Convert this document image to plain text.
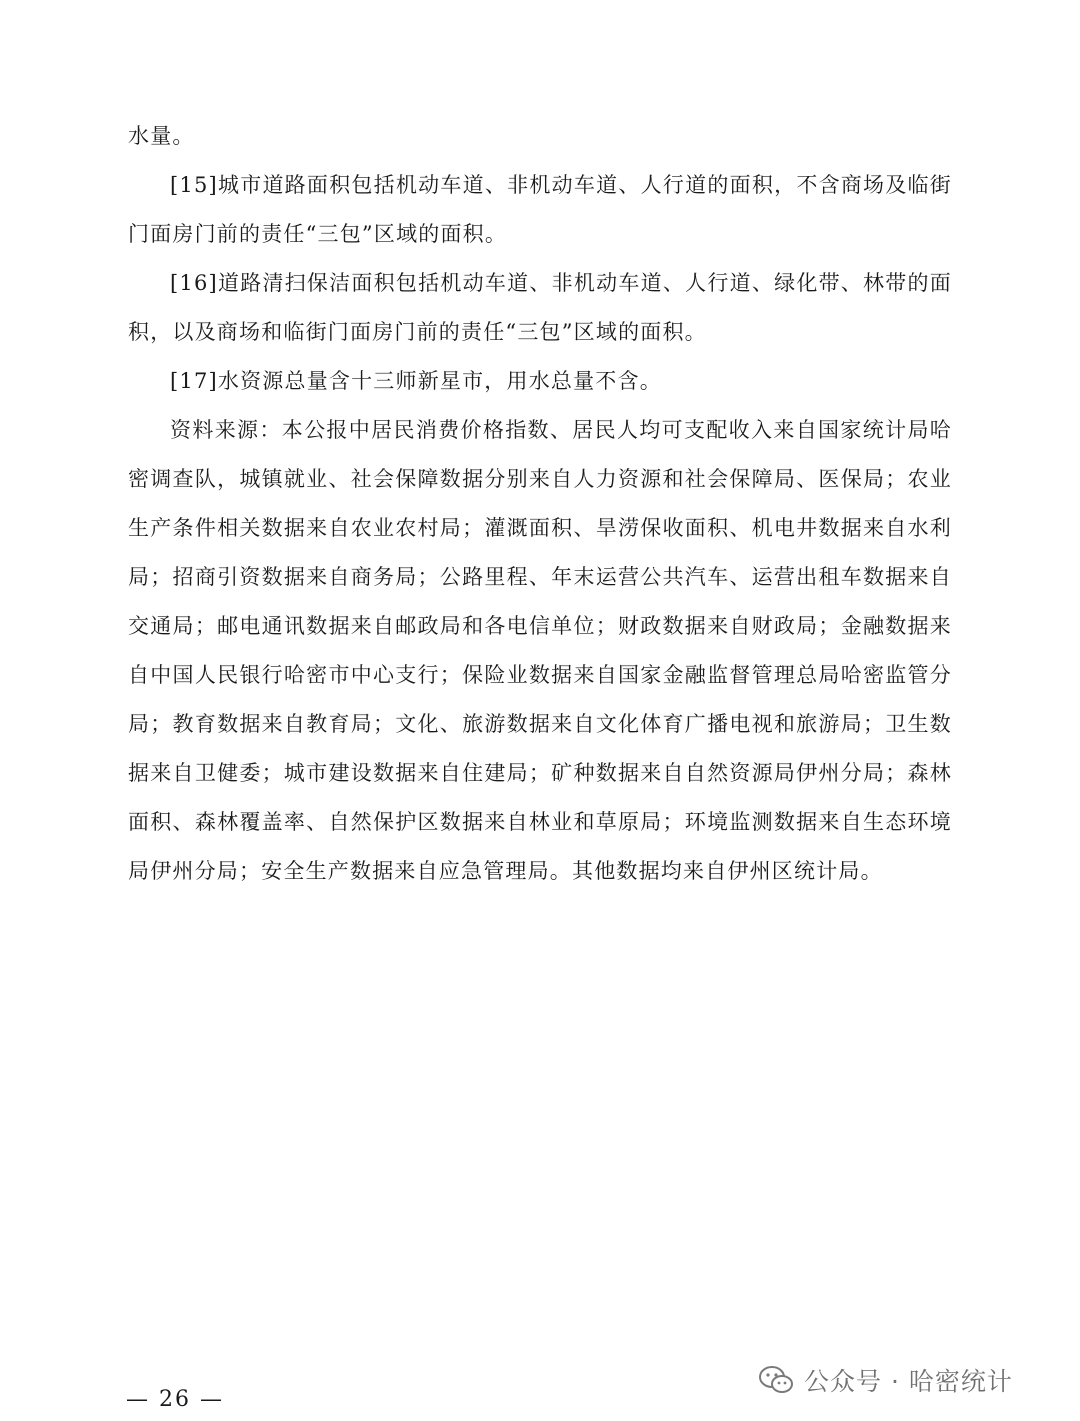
水量。

[15]城市道路面积包括机动车道、非机动车道、人行道的面积，不含商场及临街门面房门前的责任“三包”区域的面积。

[16]道路清扫保洁面积包括机动车道、非机动车道、人行道、绿化带、林带的面积，以及商场和临街门面房门前的责任“三包”区域的面积。

[17]水资源总量含十三师新星市，用水总量不含。

资料来源：本公报中居民消费价格指数、居民人均可支配收入来自国家统计局哈密调查队，城镇就业、社会保障数据分别来自人力资源和社会保障局、医保局；农业生产条件相关数据来自农业农村局；灌溉面积、旱涝保收面积、机电井数据来自水利局；招商引资数据来自商务局；公路里程、年末运营公共汽车、运营出租车数据来自交通局；邮电通讯数据来自邮政局和各电信单位；财政数据来自财政局；金融数据来自中国人民银行哈密市中心支行；保险业数据来自国家金融监督管理总局哈密监管分局；教育数据来自教育局；文化、旅游数据来自文化体育广播电视和旅游局；卫生数据来自卫健委；城市建设数据来自住建局；矿种数据来自自然资源局伊州分局；森林面积、森林覆盖率、自然保护区数据来自林业和草原局；环境监测数据来自生态环境局伊州分局；安全生产数据来自应急管理局。其他数据均来自伊州区统计局。

— 26 —
公众号 · 哈密统计
